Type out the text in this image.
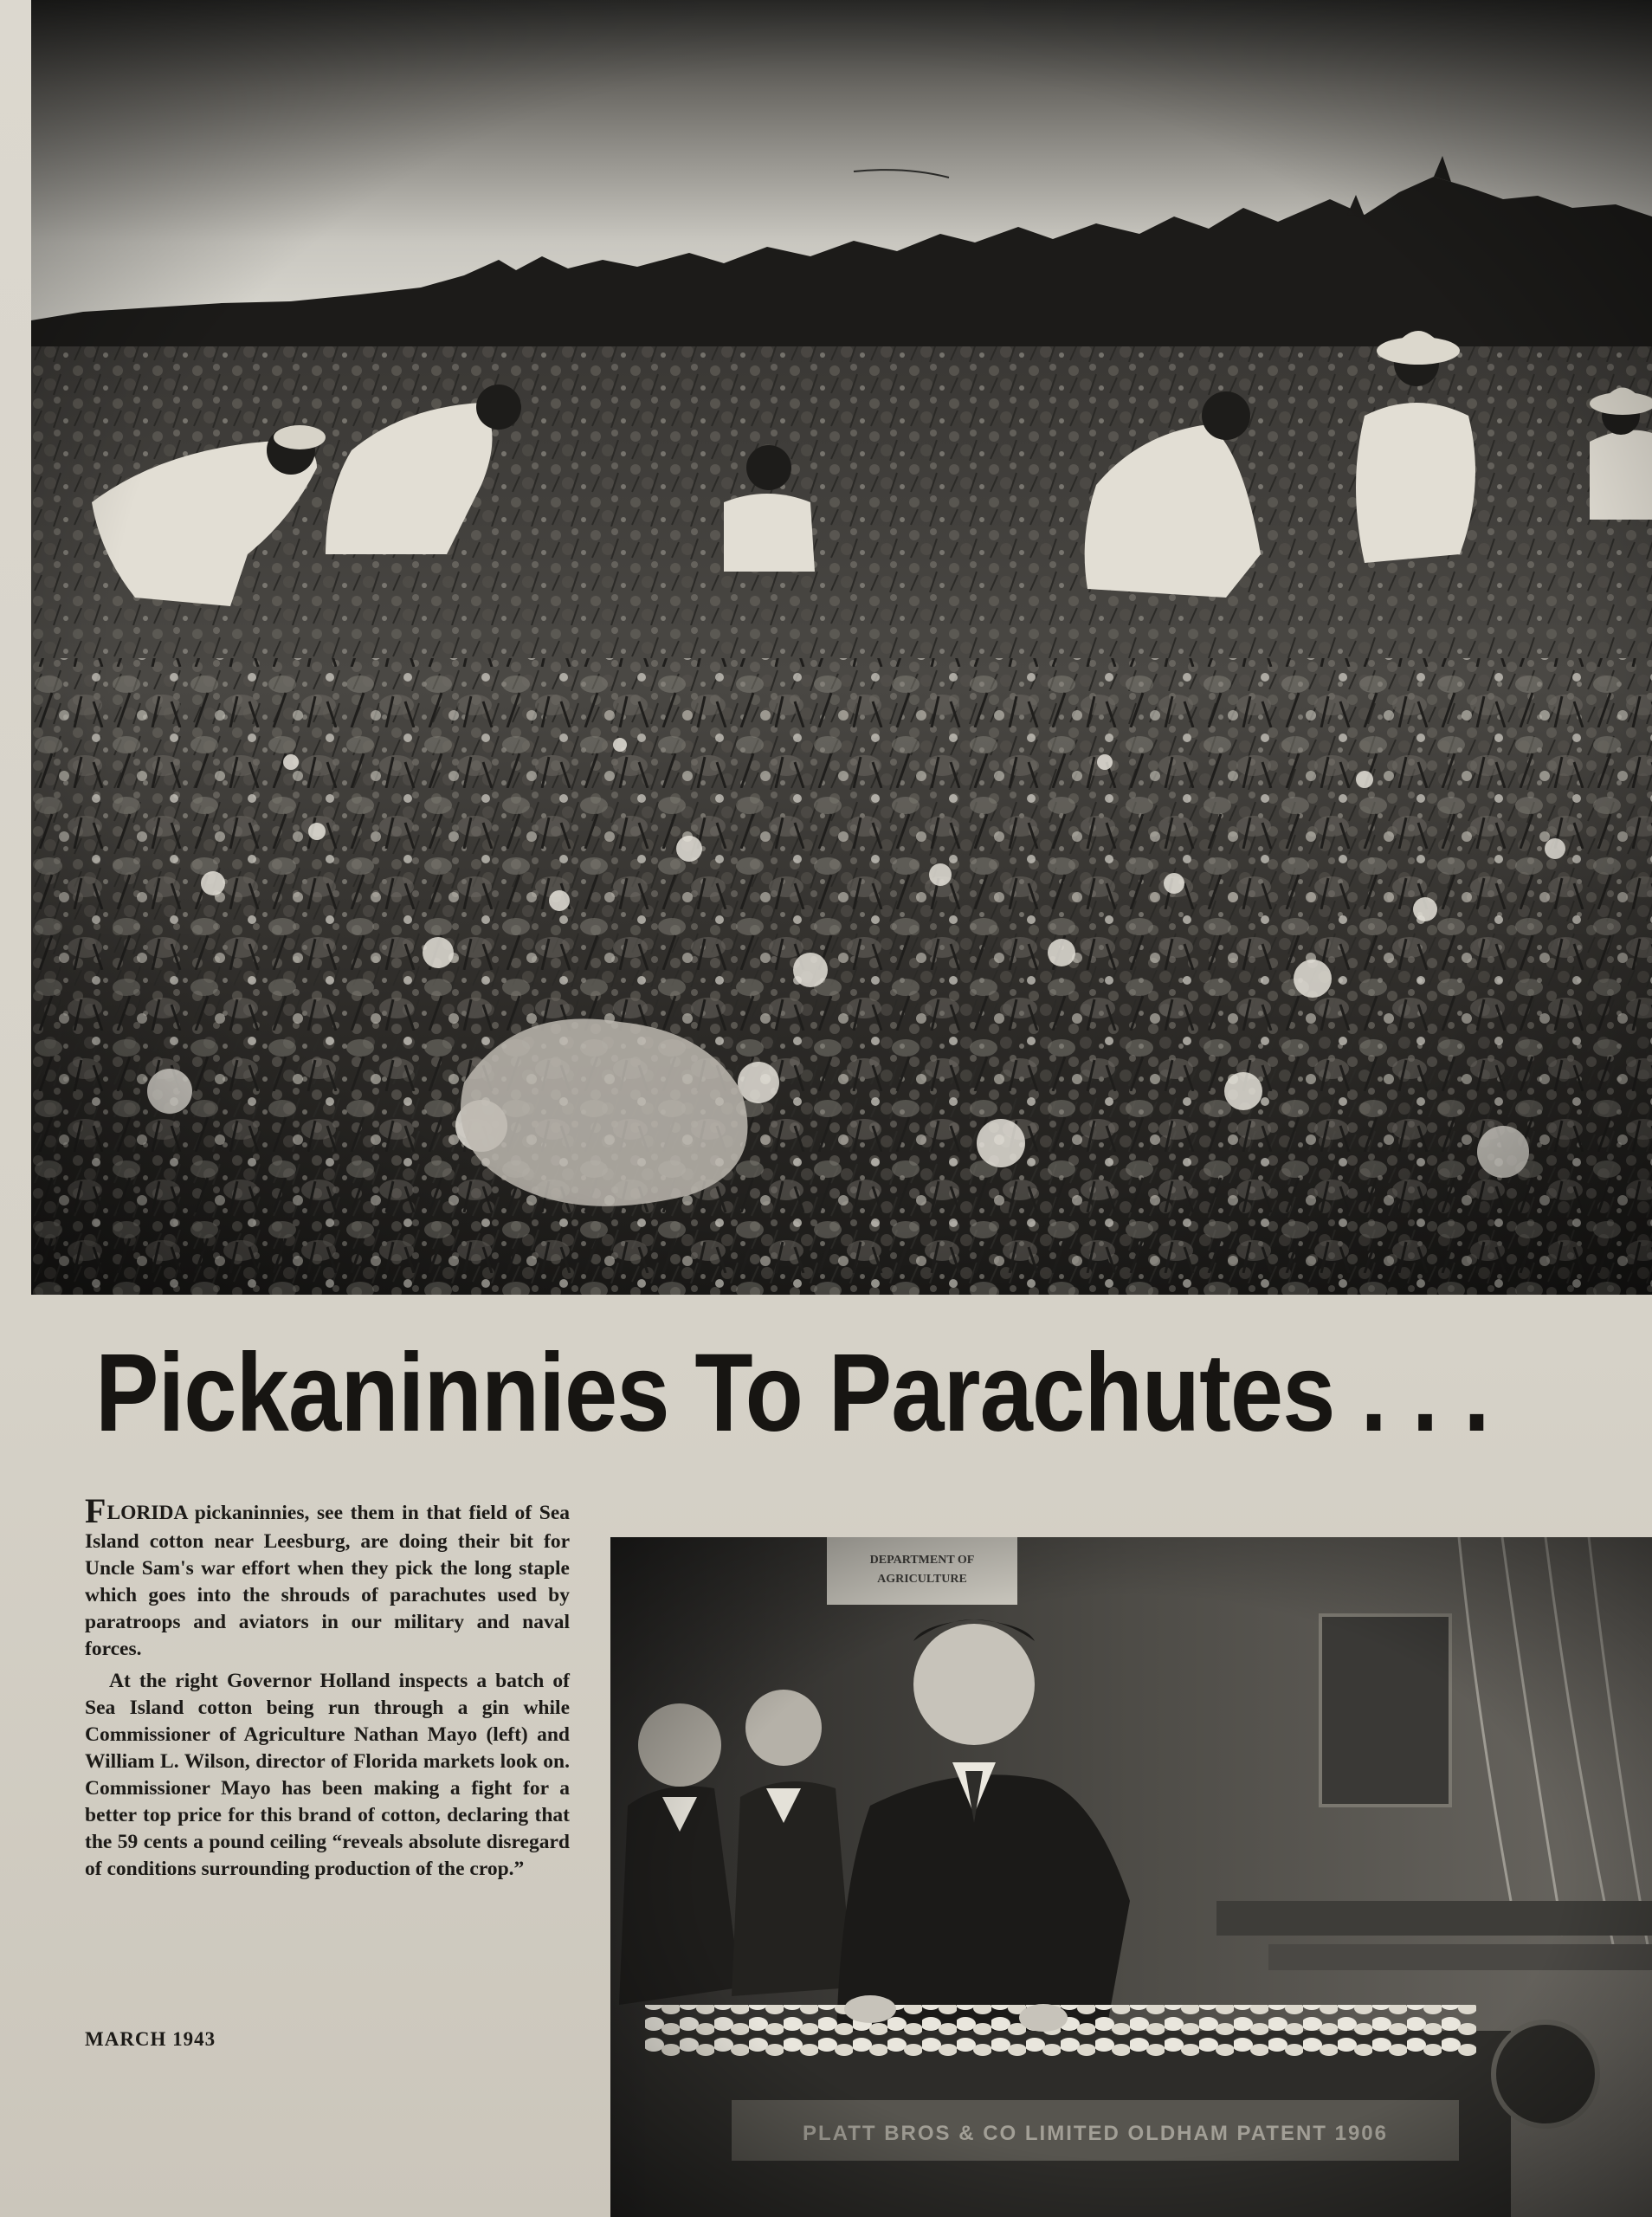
Pickaninnies To Parachutes . . .

FLORIDA pickaninnies, see them in that field of Sea Island cotton near Leesburg, are doing their bit for Uncle Sam's war effort when they pick the long staple which goes into the shrouds of parachutes used by paratroops and aviators in our military and naval forces.

At the right Governor Holland inspects a batch of Sea Island cotton being run through a gin while Commissioner of Agriculture Nathan Mayo (left) and William L. Wilson, director of Florida markets look on. Commissioner Mayo has been making a fight for a better top price for this brand of cotton, declaring that the 59 cents a pound ceiling “reveals absolute disregard of conditions surrounding production of the crop.”

MARCH 1943
